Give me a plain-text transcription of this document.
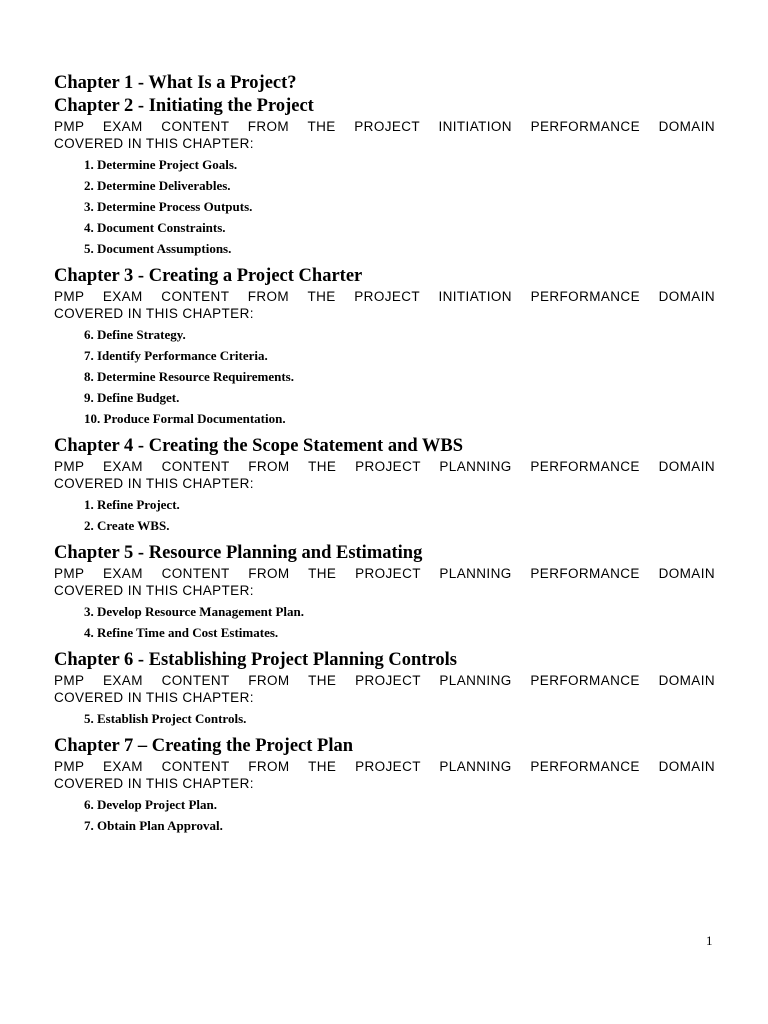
Chapter 1 - What Is a Project?
Chapter 2 - Initiating the Project

PMP EXAM CONTENT FROM THE PROJECT INITIATION PERFORMANCE DOMAIN
COVERED IN THIS CHAPTER:

1. Determine Project Goals.
2. Determine Deliverables.
3. Determine Process Outputs.
4. Document Constraints.
5. Document Assumptions.
Chapter 3 - Creating a Project Charter

PMP EXAM CONTENT FROM THE PROJECT INITIATION PERFORMANCE DOMAIN
COVERED IN THIS CHAPTER:

6. Define Strategy.
7. Identify Performance Criteria.
8. Determine Resource Requirements.
9. Define Budget.
10. Produce Formal Documentation.
Chapter 4 - Creating the Scope Statement and WBS

PMP EXAM CONTENT FROM THE PROJECT PLANNING PERFORMANCE DOMAIN
COVERED IN THIS CHAPTER:

1. Refine Project.
2. Create WBS.
Chapter 5 - Resource Planning and Estimating

PMP EXAM CONTENT FROM THE PROJECT PLANNING PERFORMANCE DOMAIN
COVERED IN THIS CHAPTER:

3. Develop Resource Management Plan.
4. Refine Time and Cost Estimates.
Chapter 6 - Establishing Project Planning Controls

PMP EXAM CONTENT FROM THE PROJECT PLANNING PERFORMANCE DOMAIN
COVERED IN THIS CHAPTER:

5. Establish Project Controls.
Chapter 7 – Creating the Project Plan

PMP EXAM CONTENT FROM THE PROJECT PLANNING PERFORMANCE DOMAIN
COVERED IN THIS CHAPTER:

6. Develop Project Plan.
7. Obtain Plan Approval.
1
